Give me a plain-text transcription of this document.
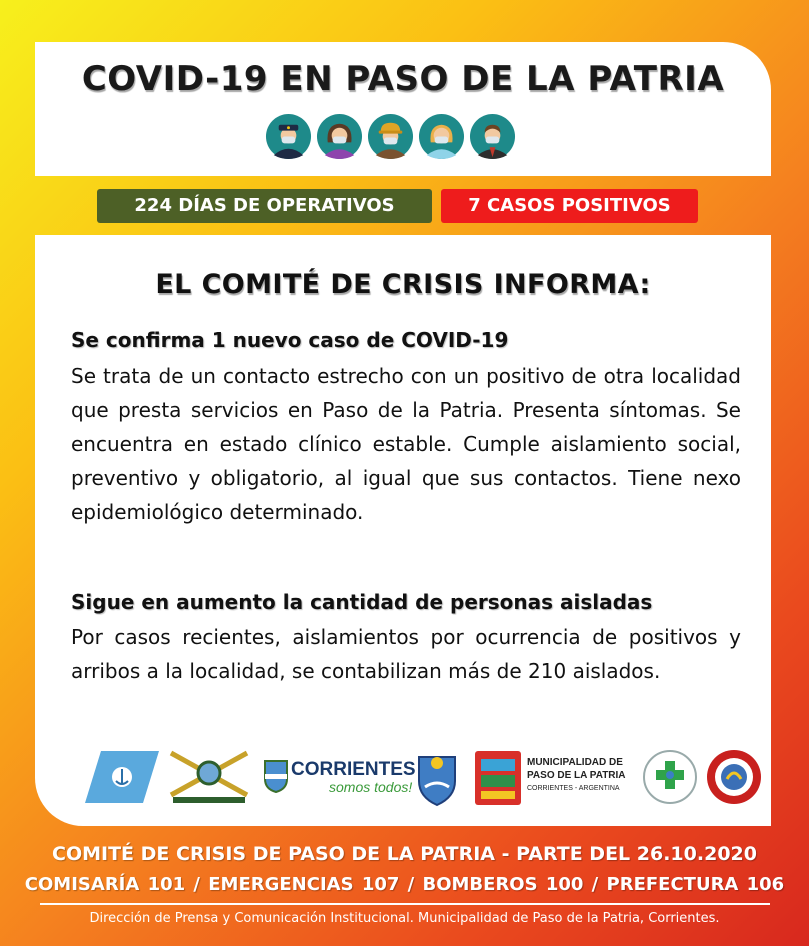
COVID-19 EN PASO DE LA PATRIA
224 DÍAS DE OPERATIVOS	7 CASOS POSITIVOS
EL COMITÉ DE CRISIS INFORMA:
Se confirma 1 nuevo caso de COVID-19
Se trata de un contacto estrecho con un positivo de otra localidad que presta servicios en Paso de la Patria. Presenta síntomas. Se encuentra en estado clínico estable. Cumple aislamiento social, preventivo y obligatorio, al igual que sus contactos. Tiene nexo epidemiológico determinado.
Sigue en aumento la cantidad de personas aisladas
Por casos recientes, aislamientos por ocurrencia de positivos y arribos a la localidad, se contabilizan más de 210 aislados.
CORRIENTES
somos todos!
MUNICIPALIDAD DE
PASO DE LA PATRIA
CORRIENTES - ARGENTINA
COMITÉ DE CRISIS DE PASO DE LA PATRIA - PARTE DEL 26.10.2020
COMISARÍA 101 / EMERGENCIAS 107 / BOMBEROS 100 / PREFECTURA 106
Dirección de Prensa y Comunicación Institucional. Municipalidad de Paso de la Patria, Corrientes.
